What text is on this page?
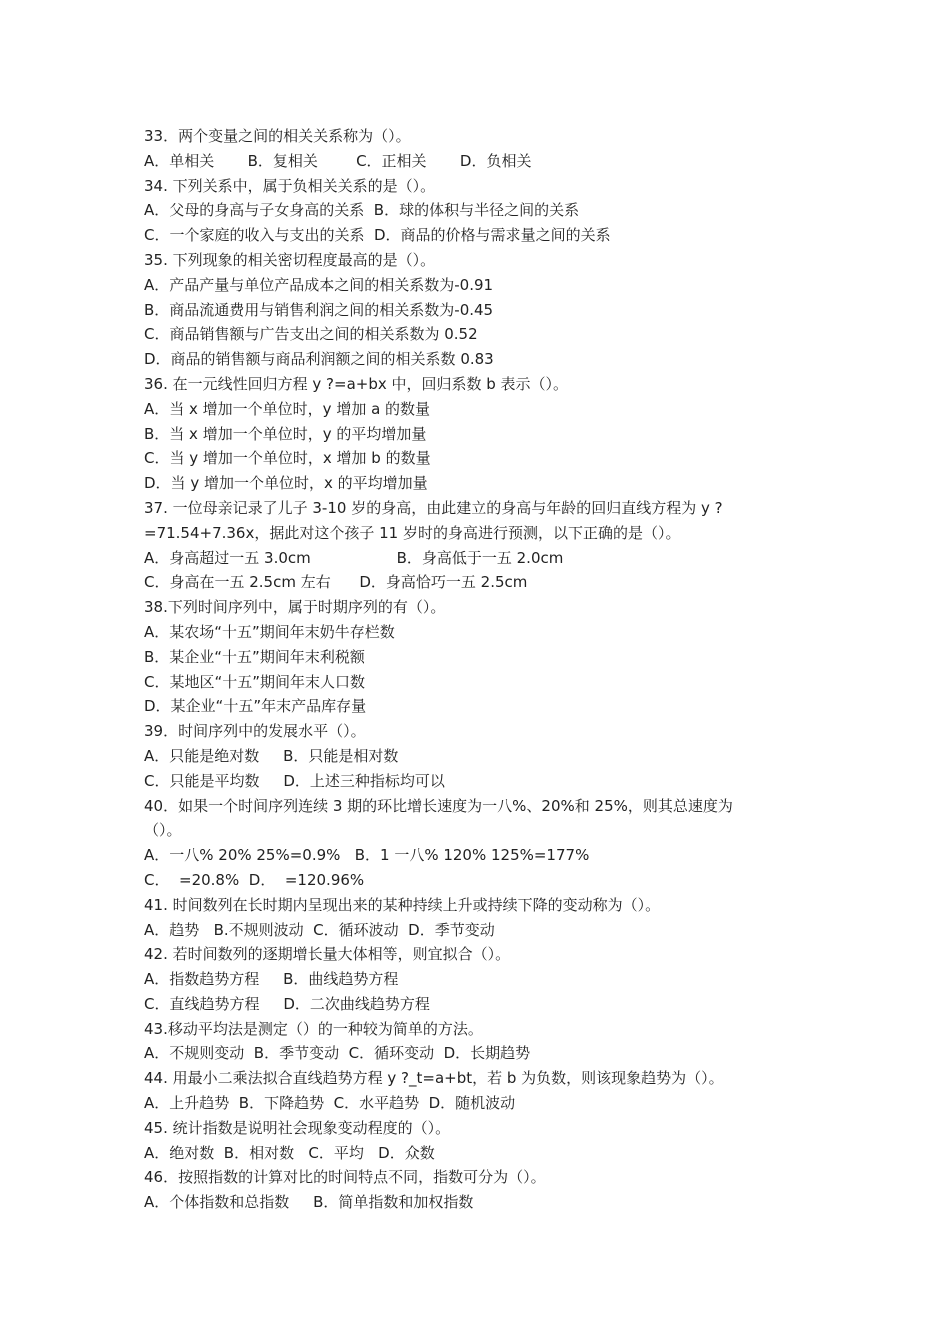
33．两个变量之间的相关关系称为（）。
A．单相关       B．复相关        C．正相关       D．负相关
34. 下列关系中，属于负相关关系的是（）。
A．父母的身高与子女身高的关系  B．球的体积与半径之间的关系
C．一个家庭的收入与支出的关系  D．商品的价格与需求量之间的关系
35. 下列现象的相关密切程度最高的是（）。
A．产品产量与单位产品成本之间的相关系数为-0.91
B．商品流通费用与销售利润之间的相关系数为-0.45
C．商品销售额与广告支出之间的相关系数为 0.52
D．商品的销售额与商品利润额之间的相关系数 0.83
36. 在一元线性回归方程 y ?=a+bx 中，回归系数 b 表示（）。
A．当 x 增加一个单位时，y 增加 a 的数量
B．当 x 增加一个单位时，y 的平均增加量
C．当 y 增加一个单位时，x 增加 b 的数量
D．当 y 增加一个单位时，x 的平均增加量
37. 一位母亲记录了儿子 3-10 岁的身高，由此建立的身高与年龄的回归直线方程为 y ?
=71.54+7.36x，据此对这个孩子 11 岁时的身高进行预测，以下正确的是（）。
A．身高超过一五 3.0cm                  B．身高低于一五 2.0cm
C．身高在一五 2.5cm 左右      D．身高恰巧一五 2.5cm
38.下列时间序列中，属于时期序列的有（）。
A．某农场“十五”期间年末奶牛存栏数
B．某企业“十五”期间年末利税额
C．某地区“十五”期间年末人口数
D．某企业“十五”年末产品库存量
39．时间序列中的发展水平（）。
A．只能是绝对数     B．只能是相对数
C．只能是平均数     D．上述三种指标均可以
40．如果一个时间序列连续 3 期的环比增长速度为一八%、20%和 25%，则其总速度为
（）。
A．一八% 20% 25%=0.9%   B．1 一八% 120% 125%=177%
C．  =20.8%  D．  =120.96%
41. 时间数列在长时期内呈现出来的某种持续上升或持续下降的变动称为（）。
A．趋势   B.不规则波动  C．循环波动  D．季节变动
42. 若时间数列的逐期增长量大体相等，则宜拟合（）。
A．指数趋势方程     B．曲线趋势方程
C．直线趋势方程     D．二次曲线趋势方程
43.移动平均法是测定（）的一种较为简单的方法。
A．不规则变动  B．季节变动  C．循环变动  D．长期趋势
44. 用最小二乘法拟合直线趋势方程 y ?_t=a+bt，若 b 为负数，则该现象趋势为（）。
A．上升趋势  B．下降趋势  C．水平趋势  D．随机波动
45. 统计指数是说明社会现象变动程度的（）。
A．绝对数  B．相对数   C．平均   D．众数
46．按照指数的计算对比的时间特点不同，指数可分为（）。
A．个体指数和总指数     B．简单指数和加权指数
